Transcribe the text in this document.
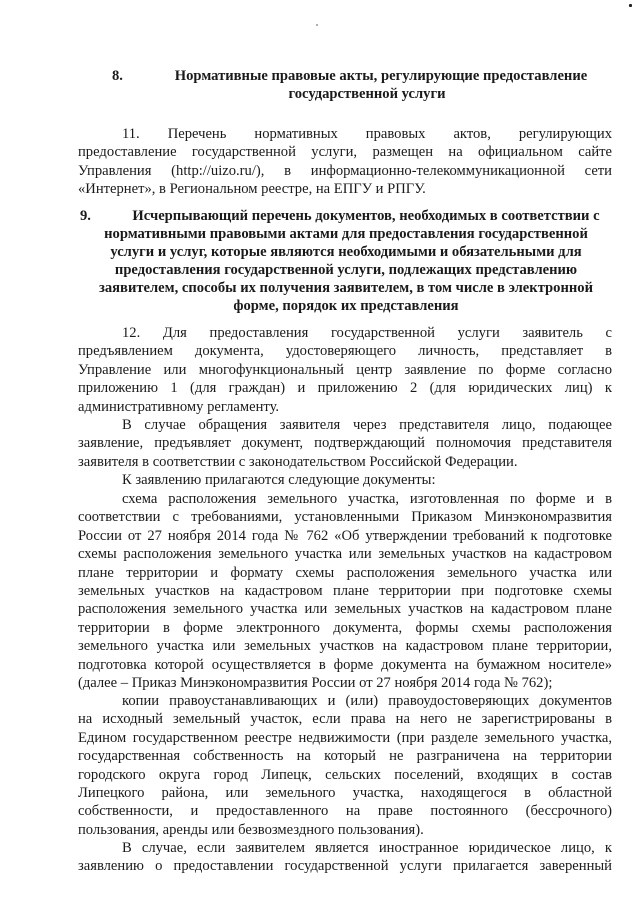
8.	Нормативные правовые акты, регулирующие предоставление
государственной услуги
11. Перечень нормативных правовых актов, регулирующих
предоставление государственной услуги, размещен на официальном сайте
Управления (http://uizo.ru/), в информационно-телекоммуникационной сети
«Интернет», в Региональном реестре, на ЕПГУ и РПГУ.
9.	Исчерпывающий перечень документов, необходимых в соответствии с
нормативными правовыми актами для предоставления государственной
услуги и услуг, которые являются необходимыми и обязательными для
предоставления государственной услуги, подлежащих представлению
заявителем, способы их получения заявителем, в том числе в электронной
форме, порядок их представления
12. Для предоставления государственной услуги заявитель с
предъявлением документа, удостоверяющего личность, представляет в
Управление или многофункциональный центр заявление по форме согласно
приложению 1 (для граждан) и приложению 2 (для юридических лиц) к
административному регламенту.
В случае обращения заявителя через представителя лицо, подающее
заявление, предъявляет документ, подтверждающий полномочия представителя
заявителя в соответствии с законодательством Российской Федерации.
К заявлению прилагаются следующие документы:
схема расположения земельного участка, изготовленная по форме и в
соответствии с требованиями, установленными Приказом Минэкономразвития
России от 27 ноября 2014 года № 762 «Об утверждении требований к подготовке
схемы расположения земельного участка или земельных участков на кадастровом
плане территории и формату схемы расположения земельного участка или
земельных участков на кадастровом плане территории при подготовке схемы
расположения земельного участка или земельных участков на кадастровом плане
территории в форме электронного документа, формы схемы расположения
земельного участка или земельных участков на кадастровом плане территории,
подготовка которой осуществляется в форме документа на бумажном носителе»
(далее – Приказ Минэкономразвития России от 27 ноября 2014 года № 762);
копии правоустанавливающих и (или) правоудостоверяющих документов
на исходный земельный участок, если права на него не зарегистрированы в
Едином государственном реестре недвижимости (при разделе земельного участка,
государственная собственность на который не разграничена на территории
городского округа город Липецк, сельских поселений, входящих в состав
Липецкого района, или земельного участка, находящегося в областной
собственности, и предоставленного на праве постоянного (бессрочного)
пользования, аренды или безвозмездного пользования).
В случае, если заявителем является иностранное юридическое лицо, к
заявлению о предоставлении государственной услуги прилагается заверенный
